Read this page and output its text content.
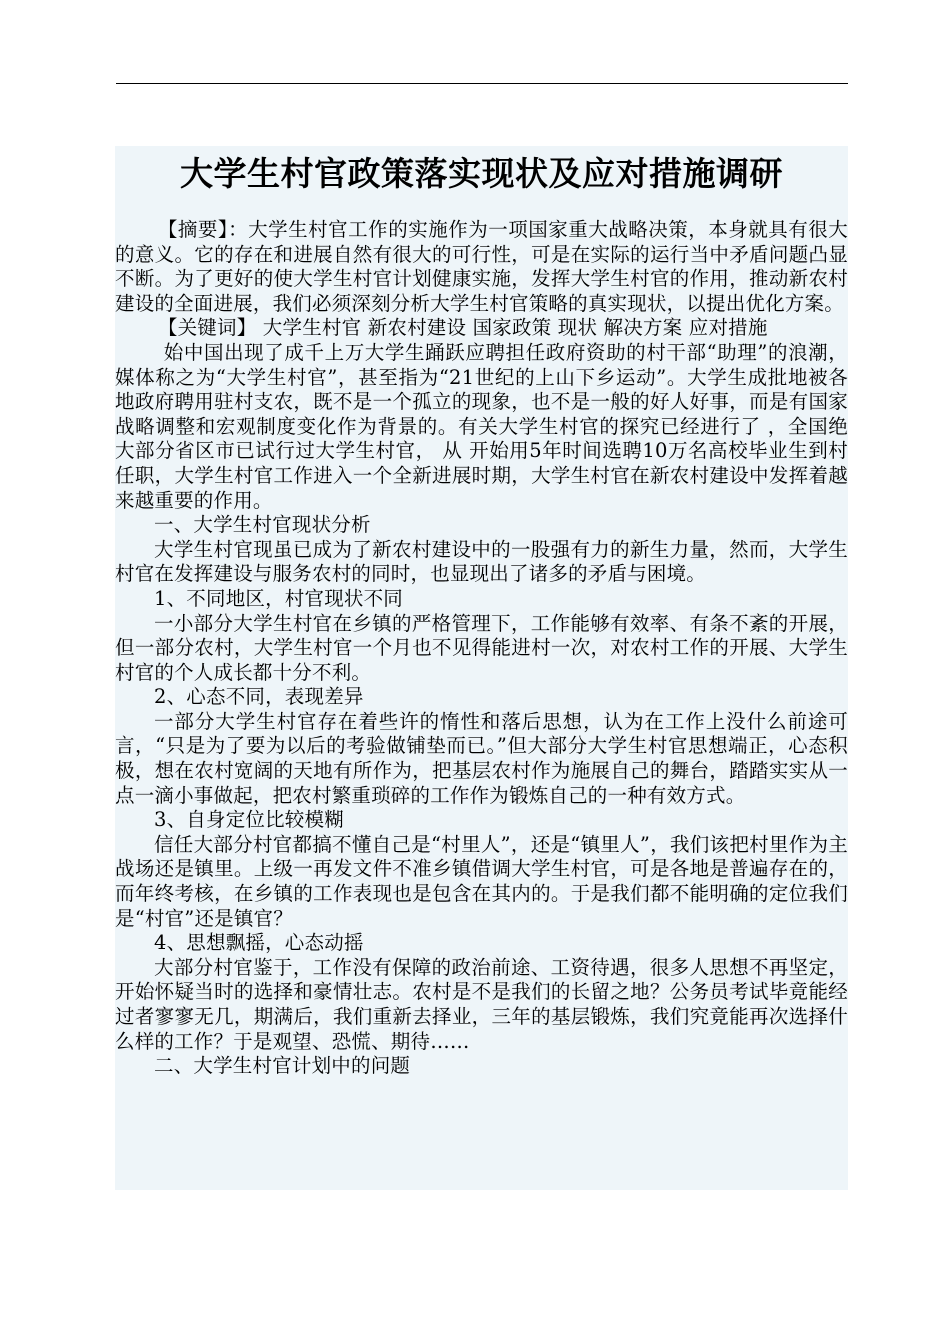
大学生村官政策落实现状及应对措施调研

【摘要】：大学生村官工作的实施作为一项国家重大战略决策，本身就具有很大的意义。它的存在和进展自然有很大的可行性，可是在实际的运行当中矛盾问题凸显不断。为了更好的使大学生村官计划健康实施，发挥大学生村官的作用，推动新农村建设的全面进展，我们必须深刻分析大学生村官策略的真实现状，以提出优化方案。

【关键词】 大学生村官 新农村建设 国家政策 现状 解决方案 应对措施

始中国出现了成千上万大学生踊跃应聘担任政府资助的村干部“助理”的浪潮，媒体称之为“大学生村官”，甚至指为“21世纪的上山下乡运动”。大学生成批地被各地政府聘用驻村支农，既不是一个孤立的现象，也不是一般的好人好事，而是有国家战略调整和宏观制度变化作为背景的。有关大学生村官的探究已经进行了 ，全国绝大部分省区市已试行过大学生村官， 从 开始用5年时间选聘10万名高校毕业生到村任职，大学生村官工作进入一个全新进展时期，大学生村官在新农村建设中发挥着越来越重要的作用。

一、大学生村官现状分析

大学生村官现虽已成为了新农村建设中的一股强有力的新生力量，然而，大学生村官在发挥建设与服务农村的同时，也显现出了诸多的矛盾与困境。

1、不同地区，村官现状不同

一小部分大学生村官在乡镇的严格管理下，工作能够有效率、有条不紊的开展，但一部分农村，大学生村官一个月也不见得能进村一次，对农村工作的开展、大学生村官的个人成长都十分不利。

2、心态不同，表现差异

一部分大学生村官存在着些许的惰性和落后思想，认为在工作上没什么前途可言，“只是为了要为以后的考验做铺垫而已。”但大部分大学生村官思想端正，心态积极，想在农村宽阔的天地有所作为，把基层农村作为施展自己的舞台，踏踏实实从一点一滴小事做起，把农村繁重琐碎的工作作为锻炼自己的一种有效方式。

3、自身定位比较模糊

信任大部分村官都搞不懂自己是“村里人”，还是“镇里人”，我们该把村里作为主战场还是镇里。上级一再发文件不准乡镇借调大学生村官，可是各地是普遍存在的，而年终考核，在乡镇的工作表现也是包含在其内的。于是我们都不能明确的定位我们是“村官”还是镇官？

4、思想飘摇，心态动摇

大部分村官鉴于，工作没有保障的政治前途、工资待遇，很多人思想不再坚定，开始怀疑当时的选择和豪情壮志。农村是不是我们的长留之地？公务员考试毕竟能经过者寥寥无几，期满后，我们重新去择业，三年的基层锻炼，我们究竟能再次选择什么样的工作？于是观望、恐慌、期待……

二、大学生村官计划中的问题
